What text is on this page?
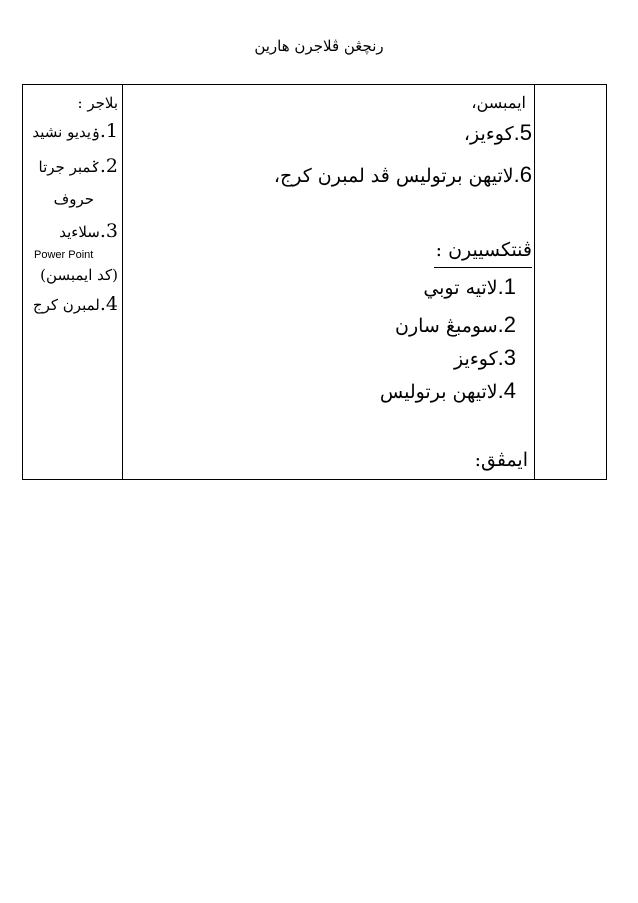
رنچڠن ڤلاجرن هارين
بلاجر :
1.ۏيديو نشيد
2.ݢمبر جرتا
حروف
3.سلاءيد
Power Point
(كد ايمبسن)
4.لمبرن كرج
ايمبسن،
5.كوءيز،
6.لاتيهن برتوليس ڤد لمبرن كرج،
ڤنتكسييرن :
1.لاتيه توبي
2.سومبڠ سارن
3.كوءيز
4.لاتيهن برتوليس
ايمڤق:
